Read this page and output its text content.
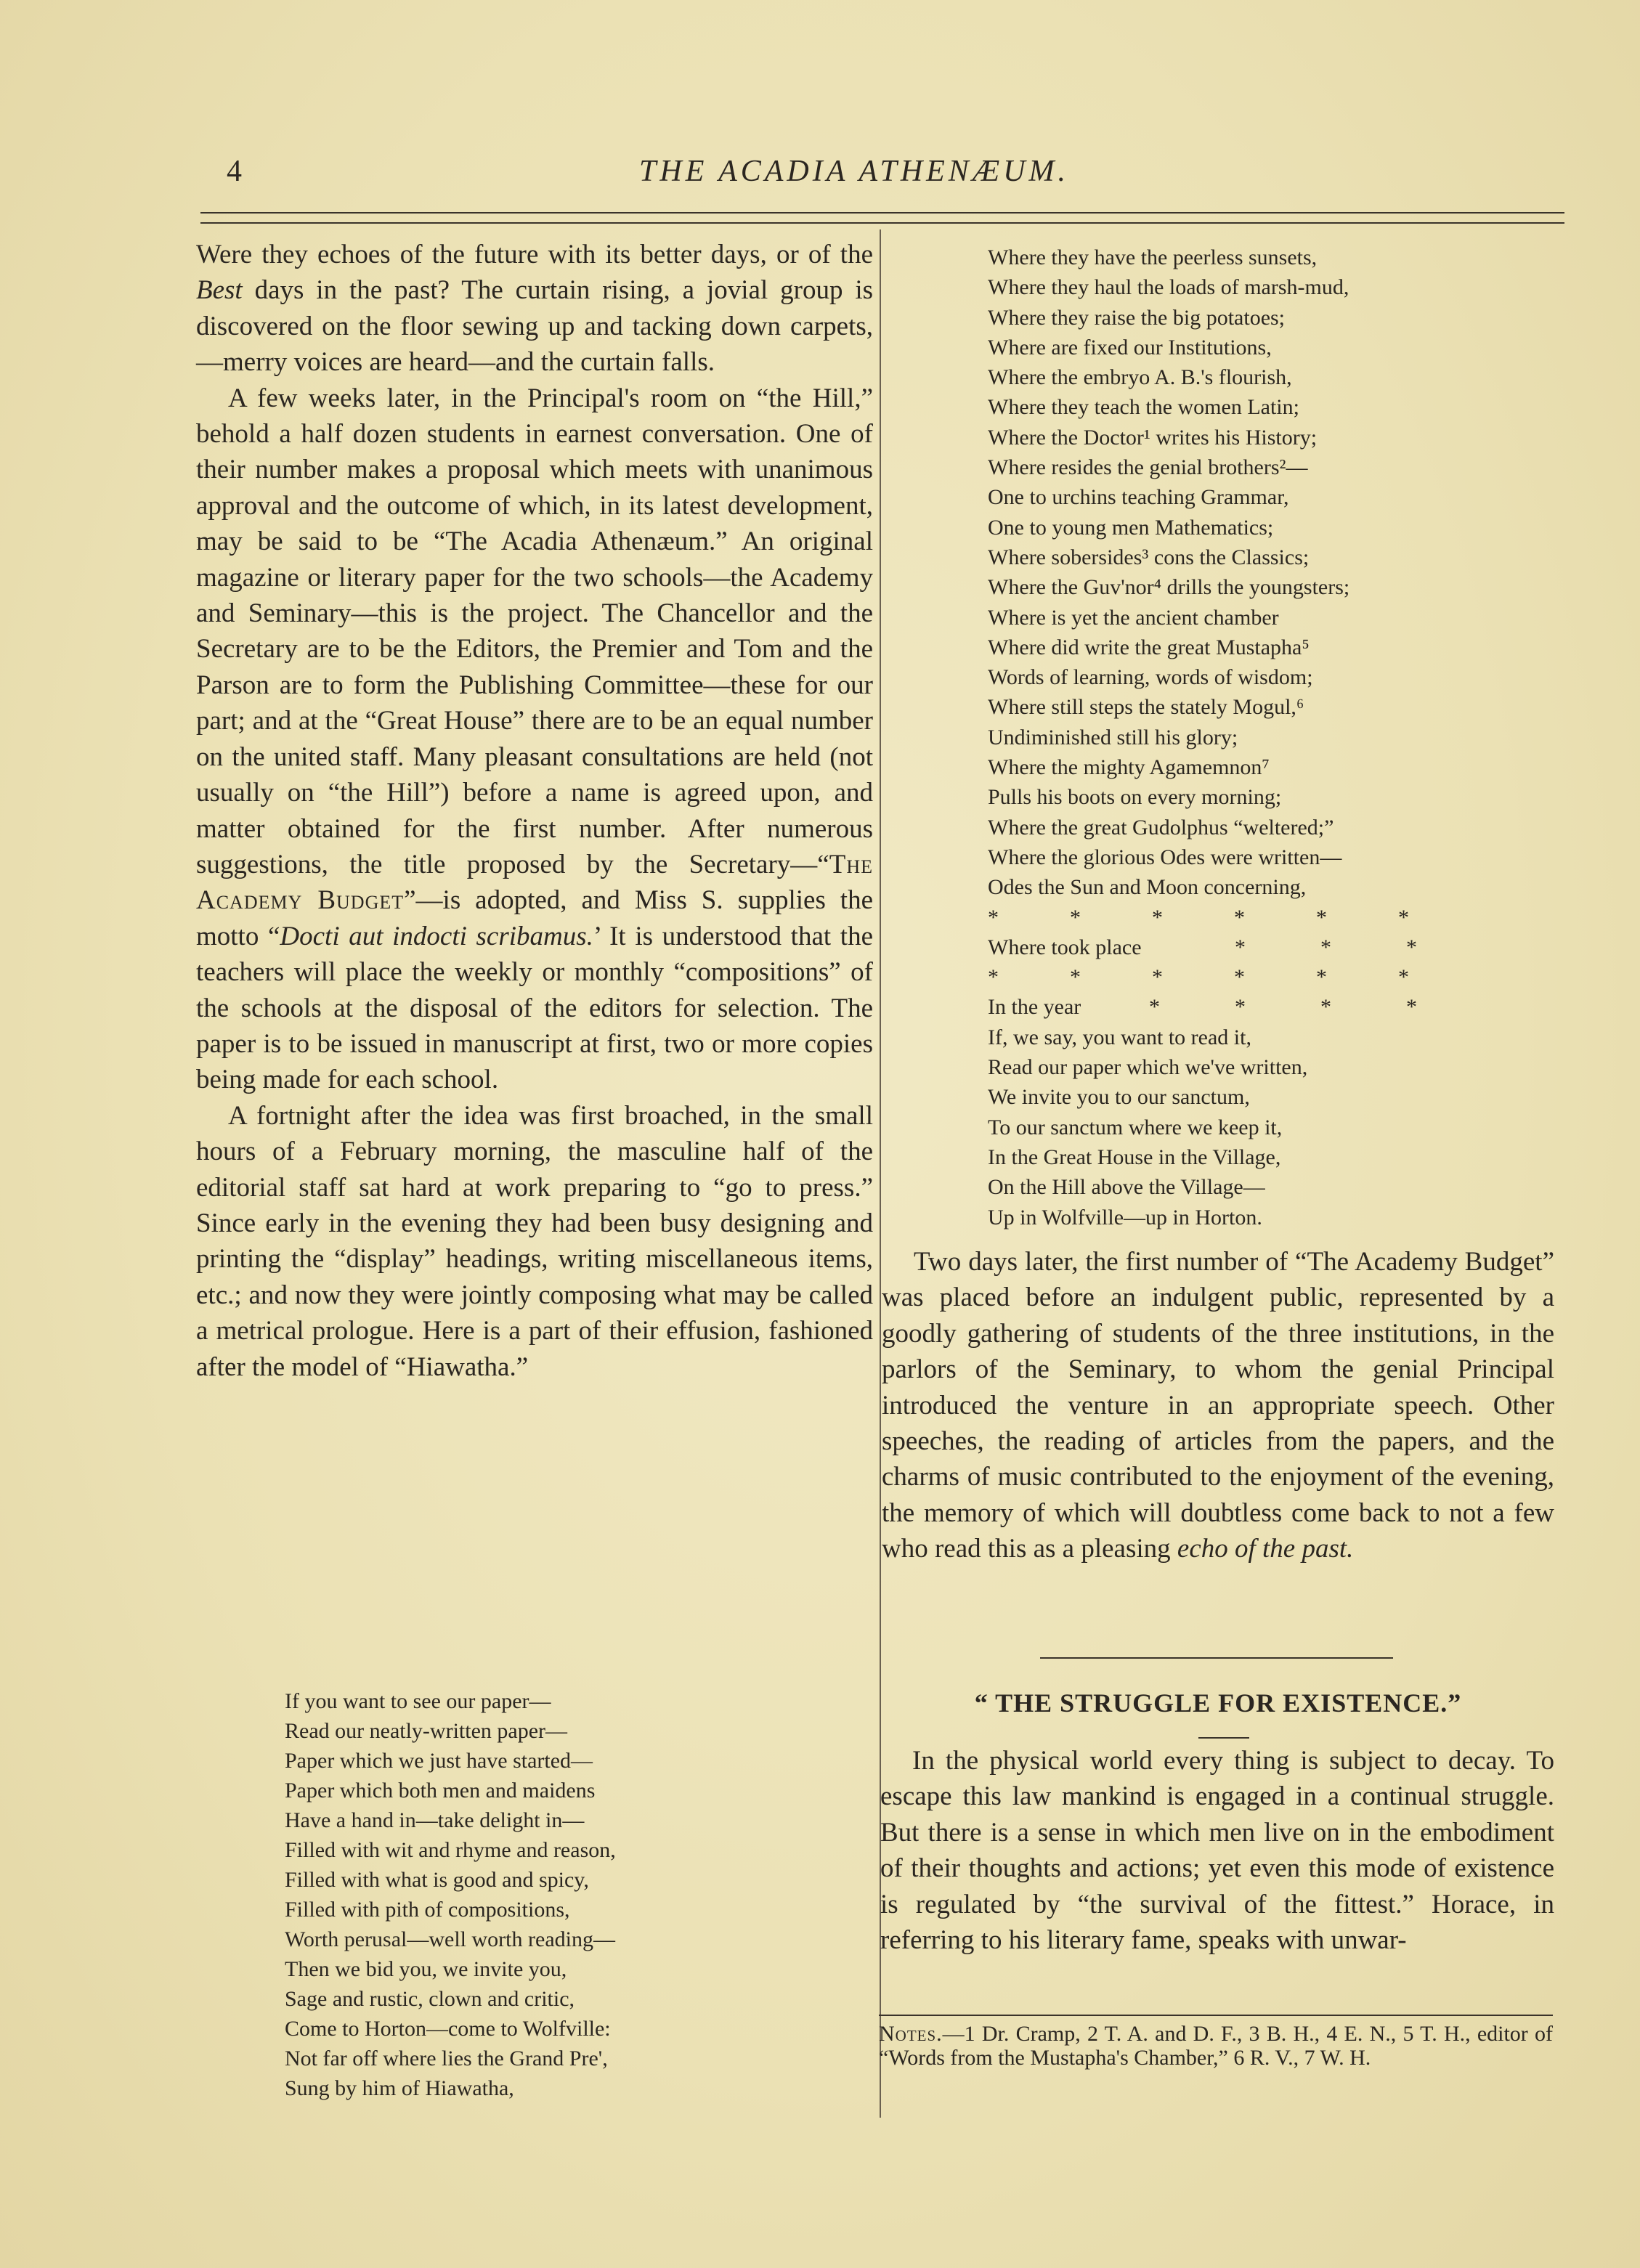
4	THE ACADIA ATHENÆUM.

Were they echoes of the future with its better days, or of the Best days in the past? The curtain rising, a jovial group is discovered on the floor sewing up and tacking down carpets,—merry voices are heard—and the curtain falls.

A few weeks later, in the Principal's room on “the Hill,” behold a half dozen students in earnest conversation. One of their number makes a proposal which meets with unanimous approval and the outcome of which, in its latest development, may be said to be “The Acadia Athenæum.” An original magazine or literary paper for the two schools—the Academy and Seminary—this is the project. The Chancellor and the Secretary are to be the Editors, the Premier and Tom and the Parson are to form the Publishing Committee—these for our part; and at the “Great House” there are to be an equal number on the united staff. Many pleasant consultations are held (not usually on “the Hill”) before a name is agreed upon, and matter obtained for the first number. After numerous suggestions, the title proposed by the Secretary—“The Academy Budget”—is adopted, and Miss S. supplies the motto “Docti aut indocti scribamus.’ It is understood that the teachers will place the weekly or monthly “compositions” of the schools at the disposal of the editors for selection. The paper is to be issued in manuscript at first, two or more copies being made for each school.

A fortnight after the idea was first broached, in the small hours of a February morning, the masculine half of the editorial staff sat hard at work preparing to “go to press.” Since early in the evening they had been busy designing and printing the “display” headings, writing miscellaneous items, etc.; and now they were jointly composing what may be called a metrical prologue. Here is a part of their effusion, fashioned after the model of “Hiawatha.”

If you want to see our paper—
Read our neatly-written paper—
Paper which we just have started—
Paper which both men and maidens
Have a hand in—take delight in—
Filled with wit and rhyme and reason,
Filled with what is good and spicy,
Filled with pith of compositions,
Worth perusal—well worth reading—
Then we bid you, we invite you,
Sage and rustic, clown and critic,
Come to Horton—come to Wolfville:
Not far off where lies the Grand Pre',
Sung by him of Hiawatha,
Where they have the peerless sunsets,
Where they haul the loads of marsh-mud,
Where they raise the big potatoes;
Where are fixed our Institutions,
Where the embryo A. B.'s flourish,
Where they teach the women Latin;
Where the Doctor¹ writes his History;
Where resides the genial brothers²—
One to urchins teaching Grammar,
One to young men Mathematics;
Where sobersides³ cons the Classics;
Where the Guv'nor⁴ drills the youngsters;
Where is yet the ancient chamber
Where did write the great Mustapha⁵
Words of learning, words of wisdom;
Where still steps the stately Mogul,⁶
Undiminished still his glory;
Where the mighty Agamemnon⁷
Pulls his boots on every morning;
Where the great Gudolphus “weltered;”
Where the glorious Odes were written—
Odes the Sun and Moon concerning,
*	*	*	*	*	*
Where took place	*	*	*
*	*	*	*	*	*
In the year	*	*	*	*
If, we say, you want to read it,
Read our paper which we've written,
We invite you to our sanctum,
To our sanctum where we keep it,
In the Great House in the Village,
On the Hill above the Village—
Up in Wolfville—up in Horton.

Two days later, the first number of “The Academy Budget” was placed before an indulgent public, represented by a goodly gathering of students of the three institutions, in the parlors of the Seminary, to whom the genial Principal introduced the venture in an appropriate speech. Other speeches, the reading of articles from the papers, and the charms of music contributed to the enjoyment of the evening, the memory of which will doubtless come back to not a few who read this as a pleasing echo of the past.

“ THE STRUGGLE FOR EXISTENCE.”

In the physical world every thing is subject to decay. To escape this law mankind is engaged in a continual struggle. But there is a sense in which men live on in the embodiment of their thoughts and actions; yet even this mode of existence is regulated by “the survival of the fittest.” Horace, in referring to his literary fame, speaks with unwar-

Notes.—1 Dr. Cramp, 2 T. A. and D. F., 3 B. H., 4 E. N., 5 T. H., editor of “Words from the Mustapha's Chamber,” 6 R. V., 7 W. H.
